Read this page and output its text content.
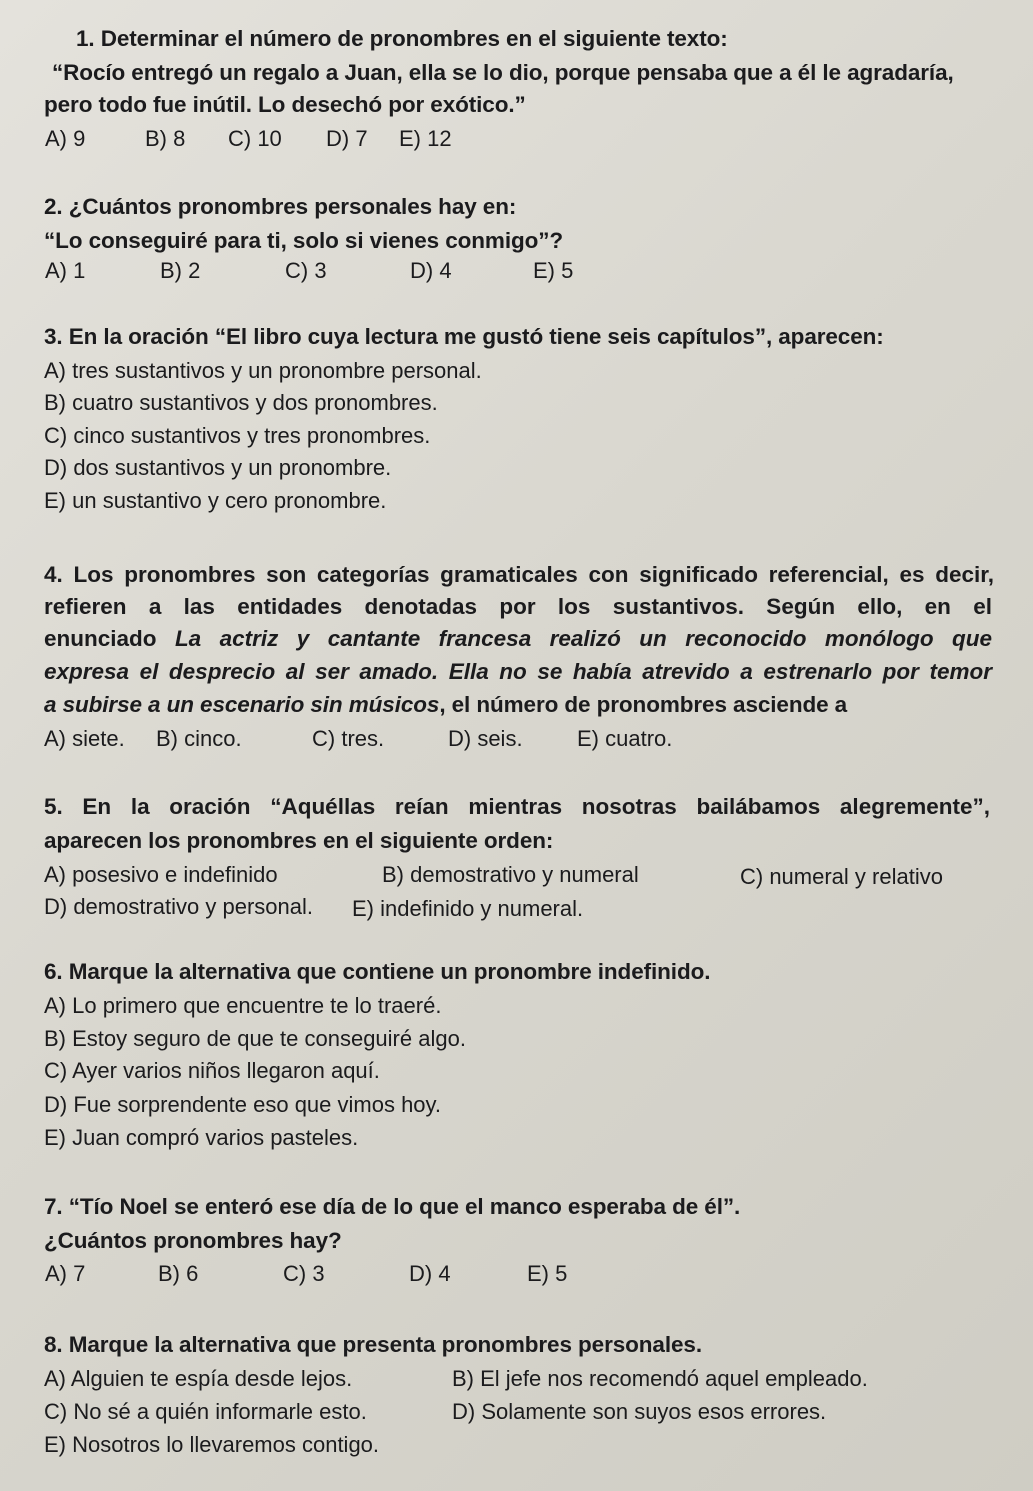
1. Determinar el número de pronombres en el siguiente texto:
“Rocío entregó un regalo a Juan, ella se lo dio, porque pensaba que a él le agradaría,
pero todo fue inútil. Lo desechó por exótico.”
A) 9	B) 8 C) 10 D) 7 E) 12
2. ¿Cuántos pronombres personales hay en:
“Lo conseguiré para ti, solo si vienes conmigo”?
A) 1	B) 2	C) 3	D) 4	E) 5
3. En la oración “El libro cuya lectura me gustó tiene seis capítulos”, aparecen:
A) tres sustantivos y un pronombre personal.
B) cuatro sustantivos y dos pronombres.
C) cinco sustantivos y tres pronombres.
D) dos sustantivos y un pronombre.
E) un sustantivo y cero pronombre.
4. Los pronombres son categorías gramaticales con significado referencial, es decir,
refieren a las entidades denotadas por los sustantivos. Según ello, en el
enunciado La actriz y cantante francesa realizó un reconocido monólogo que
expresa el desprecio al ser amado. Ella no se había atrevido a estrenarlo por temor
a subirse a un escenario sin músicos, el número de pronombres asciende a
A) siete. B) cinco.	C) tres.	D) seis. E) cuatro.
5. En la oración “Aquéllas reían mientras nosotras bailábamos alegremente”,
aparecen los pronombres en el siguiente orden:
A) posesivo e indefinido	B) demostrativo y numeral	C) numeral y relativo
D) demostrativo y personal. E) indefinido y numeral.
6. Marque la alternativa que contiene un pronombre indefinido.
A) Lo primero que encuentre te lo traeré.
B) Estoy seguro de que te conseguiré algo.
C) Ayer varios niños llegaron aquí.
D) Fue sorprendente eso que vimos hoy.
E) Juan compró varios pasteles.
7. “Tío Noel se enteró ese día de lo que el manco esperaba de él”.
¿Cuántos pronombres hay?
A) 7	B) 6	C) 3	D) 4	E) 5
8. Marque la alternativa que presenta pronombres personales.
A) Alguien te espía desde lejos.	B) El jefe nos recomendó aquel empleado.
C) No sé a quién informarle esto.	D) Solamente son suyos esos errores.
E) Nosotros lo llevaremos contigo.
